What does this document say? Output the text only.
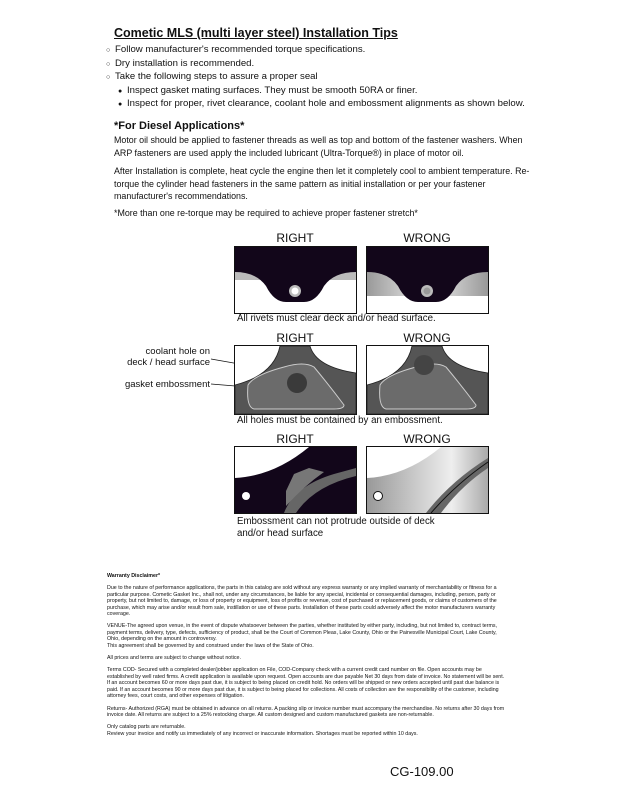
Cometic MLS (multi layer steel) Installation Tips
○ Follow manufacturer's recommended torque specifications.
○ Dry installation is recommended.
○ Take the following steps to assure a proper seal
● Inspect gasket mating surfaces. They must be smooth 50RA or finer.
● Inspect for proper, rivet clearance, coolant hole and embossment alignments as shown below.
*For Diesel Applications*
Motor oil should be applied to fastener threads as well as top and bottom of the fastener washers. When ARP fasteners are used apply the included lubricant (Ultra-Torque®) in place of motor oil.
After Installation is complete, heat cycle the engine then let it completely cool to ambient temperature. Re-torque the cylinder head fasteners in the same pattern as initial installation or per your fastener manufacturer's recommendations.
*More than one re-torque may be required to achieve proper fastener stretch*
RIGHT	WRONG
All rivets must clear deck and/or head surface.
RIGHT	WRONG
coolant hole on
deck / head surface
gasket embossment
All holes must be contained by an embossment.
RIGHT	WRONG
Embossment can not protrude outside of deck
and/or head surface

Warranty Disclaimer*

Due to the nature of performance applications, the parts in this catalog are sold without any express warranty or any implied warranty of merchantability or fitness for a particular purpose. Cometic Gasket Inc., shall not, under any circumstances, be liable for any special, incidental or consequential damages, including, person, party or property, but not limited to, damage, or loss of property or equipment, loss of profits or revenue, cost of purchased or replacement goods, or claims of customers of the purchase, which may arise and/or result from sale, instillation or use of these parts. Installation of these parts could adversely affect the motor manufacturers warranty coverage.

VENUE-The agreed upon venue, in the event of dispute whatsoever between the parties, whether instituted by either party, including, but not limited to, contract terms, payment terms, delivery, type, defects, sufficiency of product, shall be the Court of Common Pleas, Lake County, Ohio or the Painesville Municipal Court, Lake County, Ohio, depending on the amount in controversy.
This agreement shall be governed by and construed under the laws of the State of Ohio.

All prices and terms are subject to change without notice.

Terms COD- Secured with a completed dealer/jobber application on File, COD-Company check with a current credit card number on file. Open accounts may be established by well rated firms. A credit application is available upon request. Open accounts are due payable Net 30 days from date of invoice. No statement will be sent. If an account becomes 60 or more days past due, it is subject to being placed on credit hold. No orders will be shipped or new orders accepted until past due balance is paid. If an account becomes 90 or more days past due, it is subject to being placed for collections. All costs of collection are the responsibility of the customer, including attorney fees, court costs, and other expenses of litigation.

Returns- Authorized (RGA) must be obtained in advance on all returns. A packing slip or invoice number must accompany the merchandise. No returns after 30 days from invoice date. All returns are subject to a 25% restocking charge. All custom designed and custom manufactured gaskets are non-returnable.

Only catalog parts are returnable.
Review your invoice and notify us immediately of any incorrect or inaccurate information. Shortages must be reported within 10 days.

CG-109.00
